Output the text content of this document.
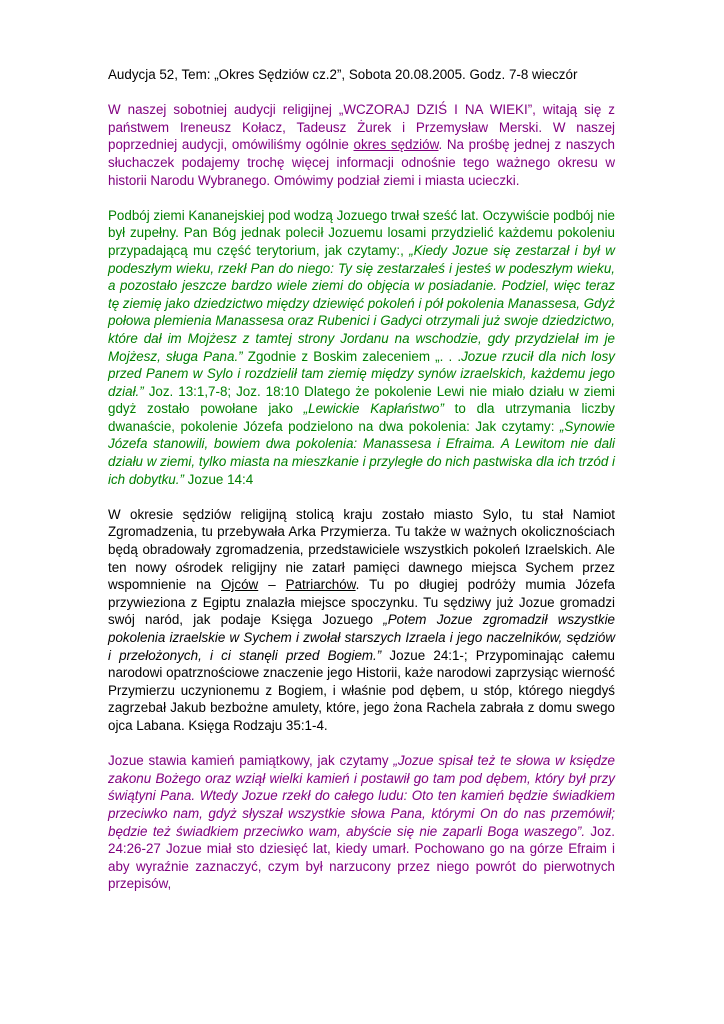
Audycja 52, Tem: „Okres Sędziów cz.2”, Sobota 20.08.2005. Godz. 7-8 wieczór

W naszej sobotniej audycji religijnej „WCZORAJ DZIŚ I NA WIEKI”, witają się z państwem Ireneusz Kołacz, Tadeusz Żurek i Przemysław Merski. W naszej poprzedniej audycji, omówiliśmy ogólnie okres sędziów. Na prośbę jednej z naszych słuchaczek podajemy trochę więcej informacji odnośnie tego ważnego okresu w historii Narodu Wybranego. Omówimy podział ziemi i miasta ucieczki.

Podbój ziemi Kananejskiej pod wodzą Jozuego trwał sześć lat. Oczywiście podbój nie był zupełny. Pan Bóg jednak polecił Jozuemu losami przydzielić każdemu pokoleniu przypadającą mu część terytorium, jak czytamy:, „Kiedy Jozue się zestarzał i był w podeszłym wieku, rzekł Pan do niego: Ty się zestarzałeś i jesteś w podeszłym wieku, a pozostało jeszcze bardzo wiele ziemi do objęcia w posiadanie. Podziel, więc teraz tę ziemię jako dziedzictwo między dziewięć pokoleń i pół pokolenia Manassesa, Gdyż połowa plemienia Manassesa oraz Rubenici i Gadyci otrzymali już swoje dziedzictwo, które dał im Mojżesz z tamtej strony Jordanu na wschodzie, gdy przydzielał im je Mojżesz, sługa Pana.” Zgodnie z Boskim zaleceniem „. . .Jozue rzucił dla nich losy przed Panem w Sylo i rozdzielił tam ziemię między synów izraelskich, każdemu jego dział.” Joz. 13:1,7-8; Joz. 18:10 Dlatego że pokolenie Lewi nie miało działu w ziemi gdyż zostało powołane jako „Lewickie Kapłaństwo” to dla utrzymania liczby dwanaście, pokolenie Józefa podzielono na dwa pokolenia: Jak czytamy: „Synowie Józefa stanowili, bowiem dwa pokolenia: Manassesa i Efraima. A Lewitom nie dali działu w ziemi, tylko miasta na mieszkanie i przyległe do nich pastwiska dla ich trzód i ich dobytku.” Jozue 14:4

W okresie sędziów religijną stolicą kraju zostało miasto Sylo, tu stał Namiot Zgromadzenia, tu przebywała Arka Przymierza. Tu także w ważnych okolicznościach będą obradowały zgromadzenia, przedstawiciele wszystkich pokoleń Izraelskich. Ale ten nowy ośrodek religijny nie zatarł pamięci dawnego miejsca Sychem przez wspomnienie na Ojców – Patriarchów. Tu po długiej podróży mumia Józefa przywieziona z Egiptu znalazła miejsce spoczynku. Tu sędziwy już Jozue gromadzi swój naród, jak podaje Księga Jozuego „Potem Jozue zgromadził wszystkie pokolenia izraelskie w Sychem i zwołał starszych Izraela i jego naczelników, sędziów i przełożonych, i ci stanęli przed Bogiem.” Jozue 24:1-; Przypominając całemu narodowi opatrznościowe znaczenie jego Historii, każe narodowi zaprzysiąc wierność Przymierzu uczynionemu z Bogiem, i właśnie pod dębem, u stóp, którego niegdyś zagrzebał Jakub bezbożne amulety, które, jego żona Rachela zabrała z domu swego ojca Labana. Księga Rodzaju 35:1-4.

Jozue stawia kamień pamiątkowy, jak czytamy „Jozue spisał też te słowa w księdze zakonu Bożego oraz wziął wielki kamień i postawił go tam pod dębem, który był przy świątyni Pana. Wtedy Jozue rzekł do całego ludu: Oto ten kamień będzie świadkiem przeciwko nam, gdyż słyszał wszystkie słowa Pana, którymi On do nas przemówił; będzie też świadkiem przeciwko wam, abyście się nie zaparli Boga waszego”. Joz. 24:26-27 Jozue miał sto dziesięć lat, kiedy umarł. Pochowano go na górze Efraim i aby wyraźnie zaznaczyć, czym był narzucony przez niego powrót do pierwotnych przepisów,
